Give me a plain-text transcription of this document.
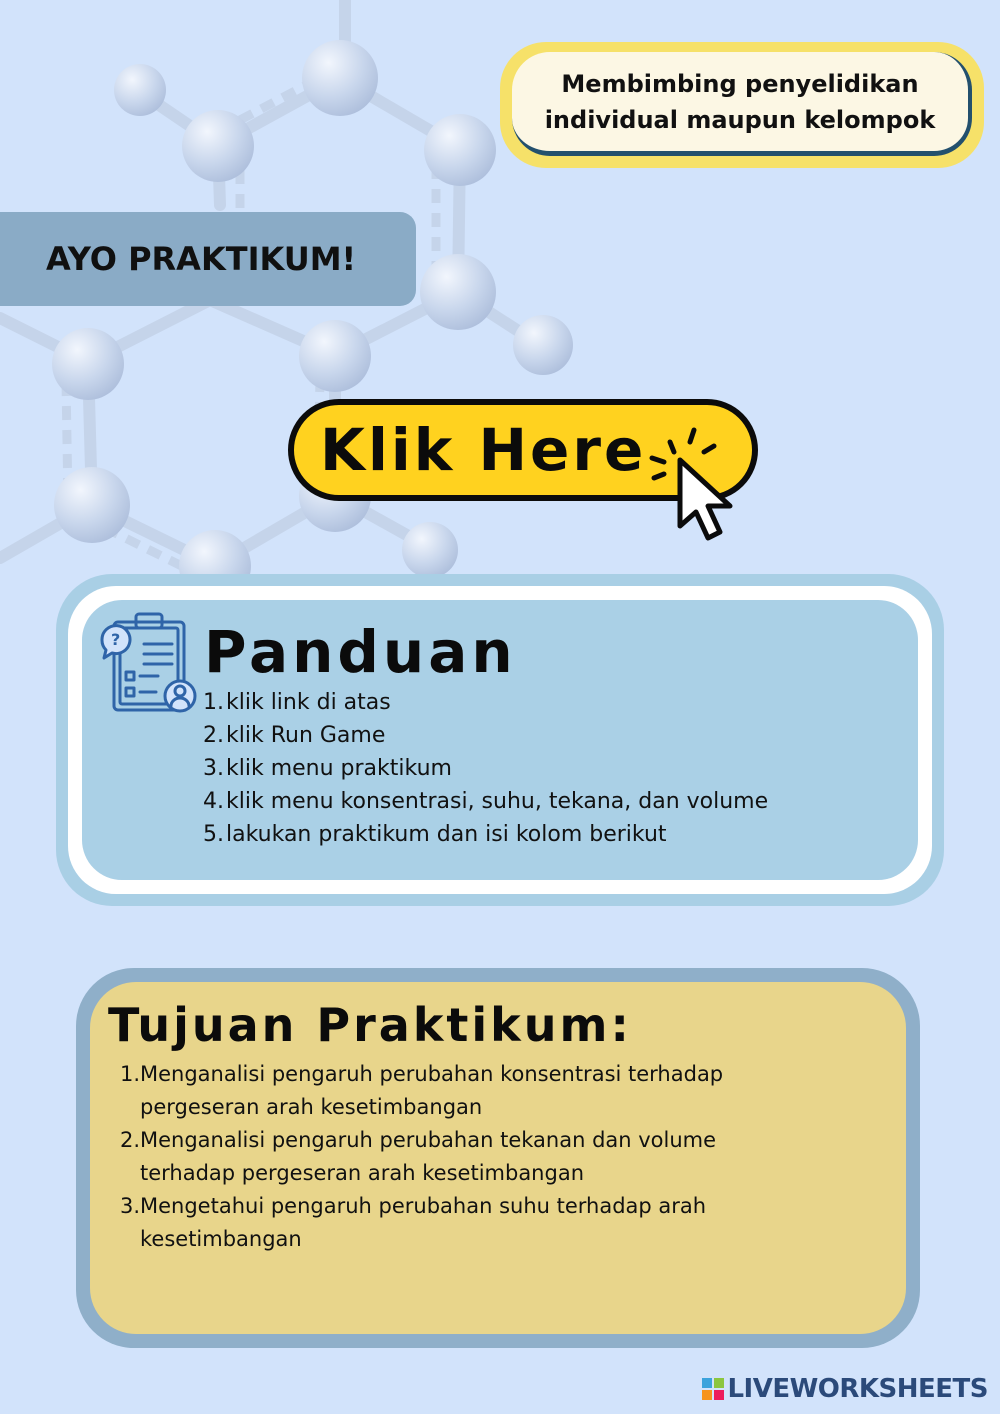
Membimbing penyelidikan individual maupun kelompok
AYO PRAKTIKUM!
Klik Here
? Panduan
1.klik link di atas
2.klik Run Game
3.klik menu praktikum
4.klik menu konsentrasi, suhu, tekana, dan volume
5.lakukan praktikum dan isi kolom berikut
Tujuan Praktikum:
1. Menganalisi pengaruh perubahan konsentrasi terhadap pergeseran arah kesetimbangan
2. Menganalisi pengaruh perubahan tekanan dan volume terhadap pergeseran arah kesetimbangan
3. Mengetahui pengaruh perubahan suhu terhadap arah kesetimbangan
LIVEWORKSHEETS
